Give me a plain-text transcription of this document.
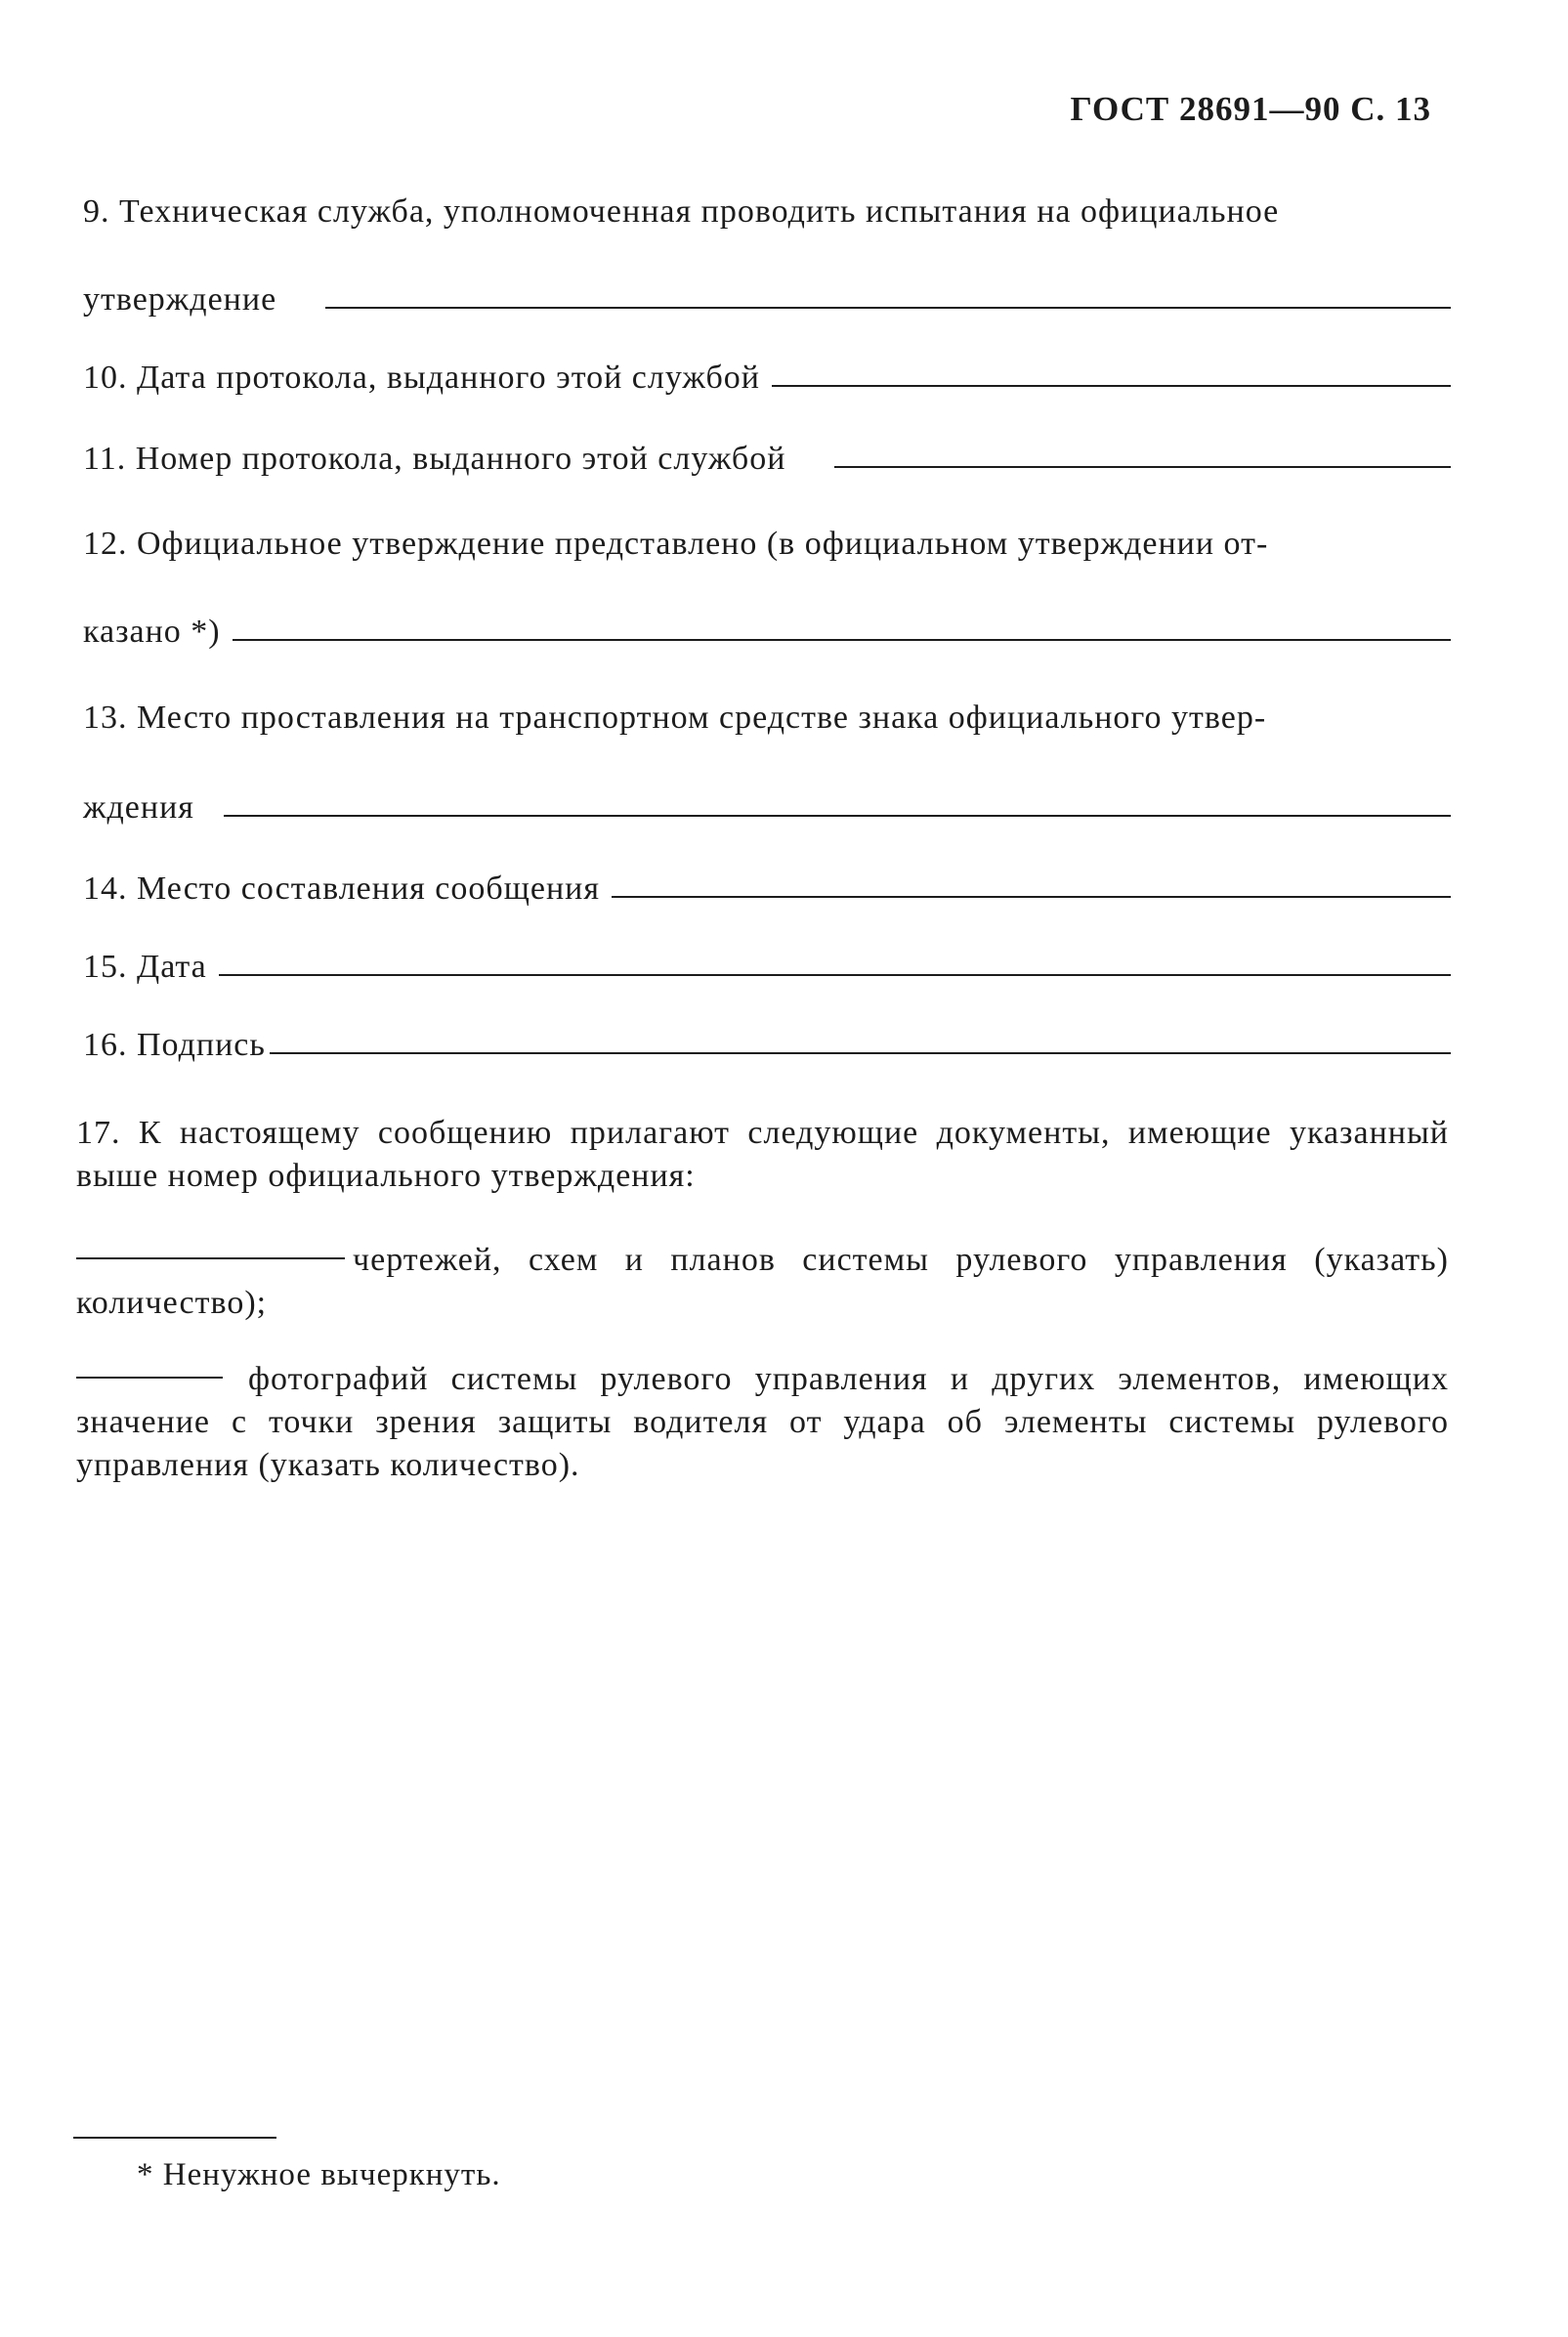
ГОСТ 28691—90 С. 13
9. Техническая служба, уполномоченная проводить испытания на официальное
утверждение
10. Дата протокола, выданного этой службой
11. Номер протокола, выданного этой службой
12. Официальное утверждение представлено (в официальном утверждении от-
казано *)
13. Место проставления на транспортном средстве знака официального утвер-
ждения
14. Место составления сообщения
15. Дата
16. Подпись
17. К настоящему сообщению прилагают следующие документы, имеющие указанный выше номер официального утверждения:
чертежей, схем и планов системы рулевого управления (указать) количество);
фотографий системы рулевого управления и других элементов, имеющих значение с точки зрения защиты водителя от удара об элементы системы рулевого управления (указать количество).
* Ненужное вычеркнуть.
